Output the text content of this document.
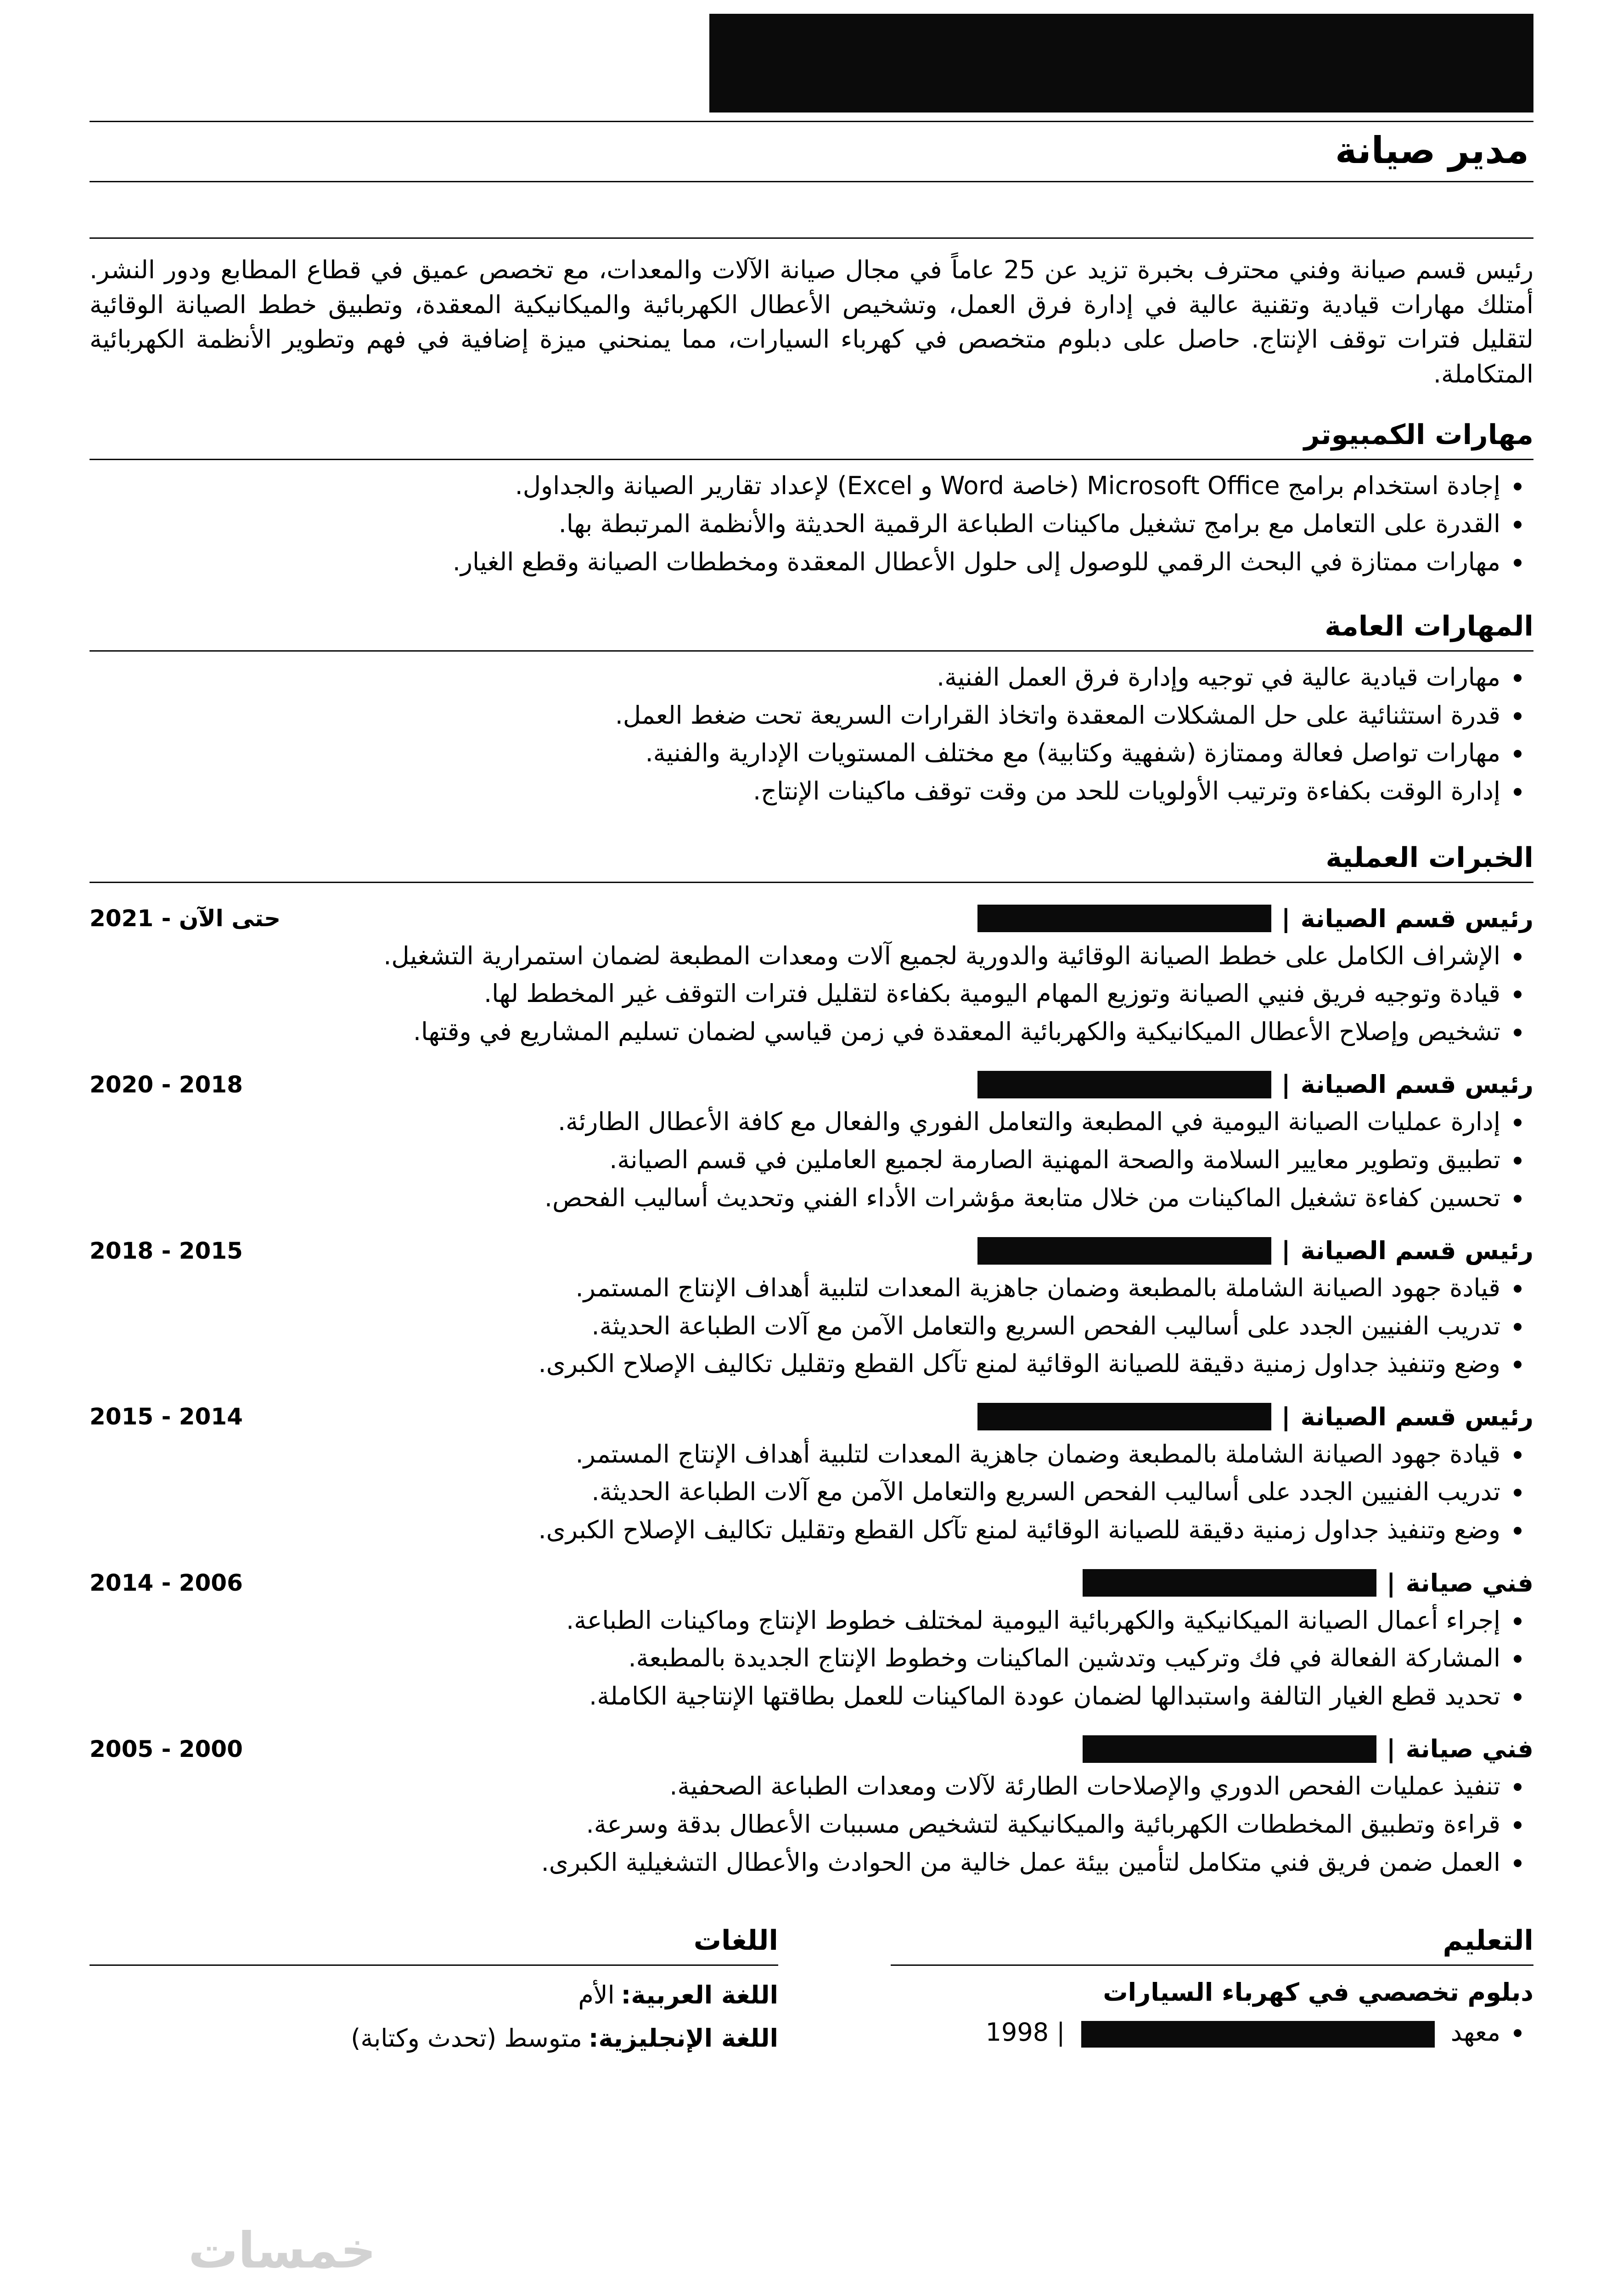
مدير صيانة

رئيس قسم صيانة وفني محترف بخبرة تزيد عن 25 عاماً في مجال صيانة الآلات والمعدات، مع تخصص عميق في قطاع المطابع ودور النشر. أمتلك مهارات قيادية وتقنية عالية في إدارة فرق العمل، وتشخيص الأعطال الكهربائية والميكانيكية المعقدة، وتطبيق خطط الصيانة الوقائية لتقليل فترات توقف الإنتاج. حاصل على دبلوم متخصص في كهرباء السيارات، مما يمنحني ميزة إضافية في فهم وتطوير الأنظمة الكهربائية المتكاملة.

مهارات الكمبيوتر
• إجادة استخدام برامج Microsoft Office (خاصة Word و Excel) لإعداد تقارير الصيانة والجداول.
• القدرة على التعامل مع برامج تشغيل ماكينات الطباعة الرقمية الحديثة والأنظمة المرتبطة بها.
• مهارات ممتازة في البحث الرقمي للوصول إلى حلول الأعطال المعقدة ومخططات الصيانة وقطع الغيار.
المهارات العامة
• مهارات قيادية عالية في توجيه وإدارة فرق العمل الفنية.
• قدرة استثنائية على حل المشكلات المعقدة واتخاذ القرارات السريعة تحت ضغط العمل.
• مهارات تواصل فعالة وممتازة (شفهية وكتابية) مع مختلف المستويات الإدارية والفنية.
• إدارة الوقت بكفاءة وترتيب الأولويات للحد من وقت توقف ماكينات الإنتاج.
الخبرات العملية
رئيس قسم الصيانة
|
2021 - حتى الآن
• الإشراف الكامل على خطط الصيانة الوقائية والدورية لجميع آلات ومعدات المطبعة لضمان استمرارية التشغيل.
• قيادة وتوجيه فريق فنيي الصيانة وتوزيع المهام اليومية بكفاءة لتقليل فترات التوقف غير المخطط لها.
• تشخيص وإصلاح الأعطال الميكانيكية والكهربائية المعقدة في زمن قياسي لضمان تسليم المشاريع في وقتها.
رئيس قسم الصيانة
|
2020 - 2018
• إدارة عمليات الصيانة اليومية في المطبعة والتعامل الفوري والفعال مع كافة الأعطال الطارئة.
• تطبيق وتطوير معايير السلامة والصحة المهنية الصارمة لجميع العاملين في قسم الصيانة.
• تحسين كفاءة تشغيل الماكينات من خلال متابعة مؤشرات الأداء الفني وتحديث أساليب الفحص.
رئيس قسم الصيانة
|
2018 - 2015
• قيادة جهود الصيانة الشاملة بالمطبعة وضمان جاهزية المعدات لتلبية أهداف الإنتاج المستمر.
• تدريب الفنيين الجدد على أساليب الفحص السريع والتعامل الآمن مع آلات الطباعة الحديثة.
• وضع وتنفيذ جداول زمنية دقيقة للصيانة الوقائية لمنع تآكل القطع وتقليل تكاليف الإصلاح الكبرى.
رئيس قسم الصيانة
|
2015 - 2014
• قيادة جهود الصيانة الشاملة بالمطبعة وضمان جاهزية المعدات لتلبية أهداف الإنتاج المستمر.
• تدريب الفنيين الجدد على أساليب الفحص السريع والتعامل الآمن مع آلات الطباعة الحديثة.
• وضع وتنفيذ جداول زمنية دقيقة للصيانة الوقائية لمنع تآكل القطع وتقليل تكاليف الإصلاح الكبرى.
فني صيانة
|
2014 - 2006
• إجراء أعمال الصيانة الميكانيكية والكهربائية اليومية لمختلف خطوط الإنتاج وماكينات الطباعة.
• المشاركة الفعالة في فك وتركيب وتدشين الماكينات وخطوط الإنتاج الجديدة بالمطبعة.
• تحديد قطع الغيار التالفة واستبدالها لضمان عودة الماكينات للعمل بطاقتها الإنتاجية الكاملة.
فني صيانة
|
2005 - 2000
• تنفيذ عمليات الفحص الدوري والإصلاحات الطارئة لآلات ومعدات الطباعة الصحفية.
• قراءة وتطبيق المخططات الكهربائية والميكانيكية لتشخيص مسببات الأعطال بدقة وسرعة.
• العمل ضمن فريق فني متكامل لتأمين بيئة عمل خالية من الحوادث والأعطال التشغيلية الكبرى.
التعليم
دبلوم تخصصي في كهرباء السيارات
• معهد  | 1998
اللغات
اللغة العربية:الأم
اللغة الإنجليزية:متوسط (تحدث وكتابة)
خمسات
